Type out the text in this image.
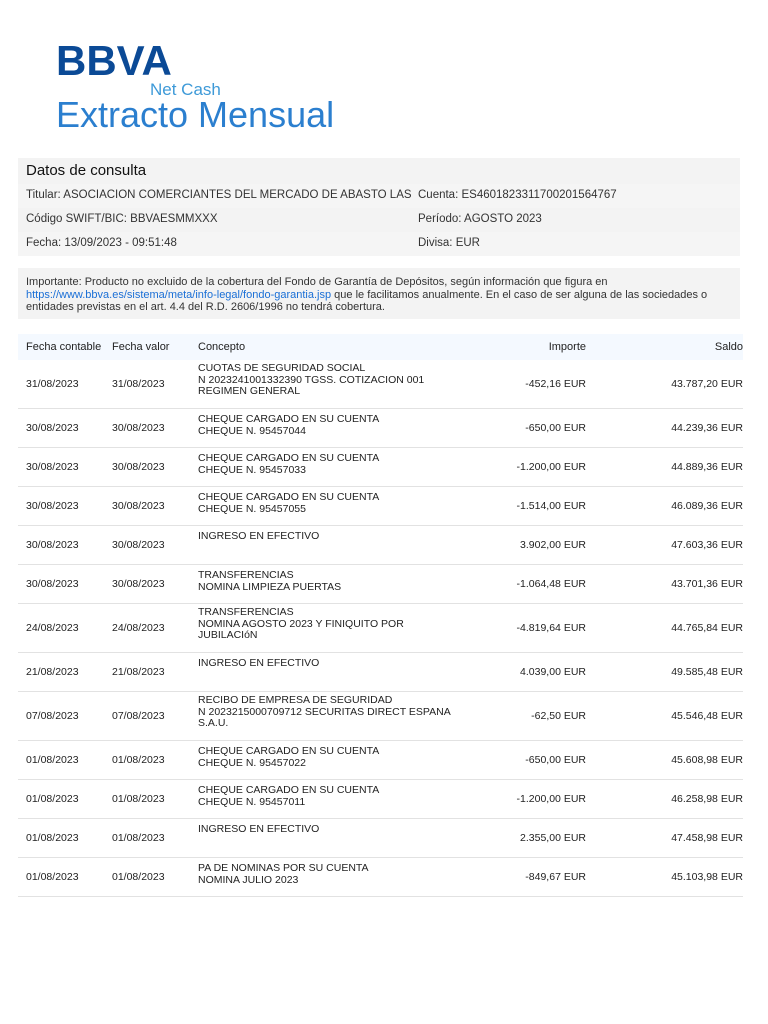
BBVA
Net Cash
Extracto Mensual
Datos de consulta
Titular: ASOCIACION COMERCIANTES DEL MERCADO DE ABASTO LAS Cuenta: ES4601823311700201564767
Código SWIFT/BIC: BBVAESMMXXX	Período: AGOSTO 2023
Fecha: 13/09/2023 - 09:51:48	Divisa: EUR
Importante: Producto no excluido de la cobertura del Fondo de Garantía de Depósitos, según información que figura en https://www.bbva.es/sistema/meta/info-legal/fondo-garantia.jsp que le facilitamos anualmente. En el caso de ser alguna de las sociedades o entidades previstas en el art. 4.4 del R.D. 2606/1996 no tendrá cobertura.
Fecha contable Fecha valor	Concepto	Importe	Saldo
31/08/2023	31/08/2023
CUOTAS DE SEGURIDAD SOCIAL
N 2023241001332390 TGSS. COTIZACION 001
REGIMEN GENERAL
-452,16 EUR	43.787,20 EUR
30/08/2023	30/08/2023
CHEQUE CARGADO EN SU CUENTA
CHEQUE N. 95457044	-650,00 EUR	44.239,36 EUR
30/08/2023	30/08/2023
CHEQUE CARGADO EN SU CUENTA
CHEQUE N. 95457033	-1.200,00 EUR	44.889,36 EUR
30/08/2023	30/08/2023
CHEQUE CARGADO EN SU CUENTA
CHEQUE N. 95457055	-1.514,00 EUR	46.089,36 EUR
30/08/2023	30/08/2023
INGRESO EN EFECTIVO
3.902,00 EUR	47.603,36 EUR
30/08/2023	30/08/2023
TRANSFERENCIAS
NOMINA LIMPIEZA PUERTAS	-1.064,48 EUR	43.701,36 EUR
24/08/2023	24/08/2023
TRANSFERENCIAS
NOMINA AGOSTO 2023 Y FINIQUITO POR
JUBILACIóN
-4.819,64 EUR	44.765,84 EUR
21/08/2023	21/08/2023
INGRESO EN EFECTIVO
4.039,00 EUR	49.585,48 EUR
07/08/2023	07/08/2023
RECIBO DE EMPRESA DE SEGURIDAD
N 2023215000709712 SECURITAS DIRECT ESPANA
S.A.U.
-62,50 EUR	45.546,48 EUR
01/08/2023	01/08/2023
CHEQUE CARGADO EN SU CUENTA
CHEQUE N. 95457022	-650,00 EUR	45.608,98 EUR
01/08/2023	01/08/2023
CHEQUE CARGADO EN SU CUENTA
CHEQUE N. 95457011	-1.200,00 EUR	46.258,98 EUR
01/08/2023	01/08/2023
INGRESO EN EFECTIVO
2.355,00 EUR	47.458,98 EUR
01/08/2023	01/08/2023
PA DE NOMINAS POR SU CUENTA
NOMINA JULIO 2023	-849,67 EUR	45.103,98 EUR
